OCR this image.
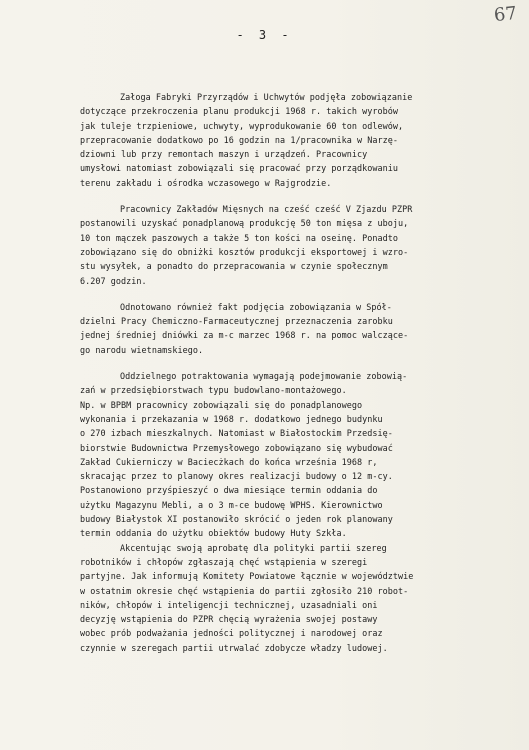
67
- 3 -

Załoga Fabryki Przyrządów i Uchwytów podjęła zobowiązanie
dotyczące przekroczenia planu produkcji 1968 r. takich wyrobów
jak tuleje trzpieniowe, uchwyty, wyprodukowanie 60 ton odlewów,
przepracowanie dodatkowo po 16 godzin na 1/pracownika w Narzę-
dziowni lub przy remontach maszyn i urządzeń. Pracownicy
umysłowi natomiast zobowiązali się pracować przy porządkowaniu
terenu zakładu i ośrodka wczasowego w Rajgrodzie.

Pracownicy Zakładów Mięsnych na cześć cześć V Zjazdu PZPR
postanowili uzyskać ponadplanową produkcję 50 ton mięsa z uboju,
10 ton mączek paszowych a także 5 ton kości na oseinę. Ponadto
zobowiązano się do obniżki kosztów produkcji eksportowej i wzro-
stu wysyłek, a ponadto do przepracowania w czynie społecznym
6.207 godzin.

Odnotowano również fakt podjęcia zobowiązania w Spół-
dzielni Pracy Chemiczno-Farmaceutycznej przeznaczenia zarobku
jednej średniej dniówki za m-c marzec 1968 r. na pomoc walczące-
go narodu wietnamskiego.

Oddzielnego potraktowania wymagają podejmowanie zobowią-
zań w przedsiębiorstwach typu budowlano-montażowego.
Np. w BPBM pracownicy zobowiązali się do ponadplanowego
wykonania i przekazania w 1968 r. dodatkowo jednego budynku
o 270 izbach mieszkalnych. Natomiast w Białostockim Przedsię-
biorstwie Budownictwa Przemysłowego zobowiązano się wybudować
Zakład Cukierniczy w Baciecżkach do końca września 1968 r,
skracając przez to planowy okres realizacji budowy o 12 m-cy.
Postanowiono przyśpieszyć o dwa miesiące termin oddania do
użytku Magazynu Mebli, a o 3 m-ce budowę WPHS. Kierownictwo
budowy Białystok XI postanowiło skrócić o jeden rok planowany
termin oddania do użytku obiektów budowy Huty Szkła.
Akcentując swoją aprobatę dla polityki partii szereg
robotników i chłopów zgłaszają chęć wstąpienia w szeregi
partyjne. Jak informują Komitety Powiatowe łącznie w województwie
w ostatnim okresie chęć wstąpienia do partii zgłosiło 210 robot-
ników, chłopów i inteligencji technicznej, uzasadniali oni
decyzję wstąpienia do PZPR chęcią wyrażenia swojej postawy
wobec prób podważania jedności politycznej i narodowej oraz
czynnie w szeregach partii utrwalać zdobycze władzy ludowej.
